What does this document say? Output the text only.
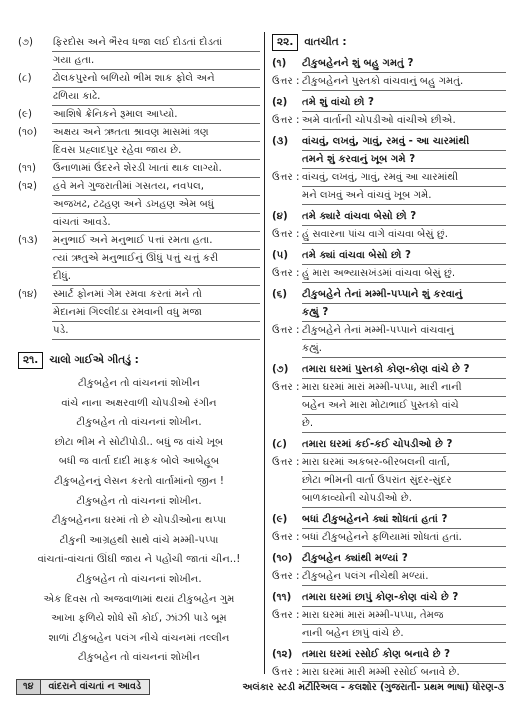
(૭)	ફિરદોસ અને ભૈરવ ધજા લઈ દોડતાં દોડતાં
ગયા હતા.
(૮)	ઢોલકપુરનો બળિયો ભીમ શાક ફોલે અને
ઢળિયા કાઢે.
(૯)	આશિષે ક્રેનિકને રૂમાલ આપ્યો.
(૧૦)	અક્ષય અને ઋતતા શ્રાવણ માસમાં ત્રણ
દિવસ પ્રહ્લાદપુર રહેવા જાય છે.
(૧૧)	ઉનાળામાં ઉંદરને શેરડી ખાતાં થાક લાગ્યો.
(૧૨)	હવે મને ગુજરાતીમાં ગસતય, નવપલ,
અજખઢ, ટઢહણ અને ડખહણ એમ બધું
વાંચતાં આવડે.
(૧૩)	મનુભાઈ અને મનુભાઈ પત્તાં રમતા હતા.
ત્યાં ઋતુએ મનુભાઈનું ઊંધું પત્તું ચત્તું કરી
દીધું.
(૧૪)	સ્માર્ટ ફોનમાં ગેમ રમવા કરતાં મને તો
મેદાનમાં ગિલ્લીદંડા રમવાની વધુ મજા
પડે.
૨૧.	ચાલો ગાઈએ ગીતડું :
ટીકુબહેન તો વાંચનનાં શોખીન
વાંચે નાના અક્ષરવાળી ચોપડીઓ રંગીન
ટીકુબહેન તો વાંચનનાં શોખીન.
છોટા ભીમ ને સોટીપોડી.. બધું જ વાંચે ખૂબ
બધી જ વાર્તા દાદી માફક બોલે આબેહૂબ
ટીકુબહેનનું લેસન કરતો વાર્તામાંનો જીન !
ટીકુબહેન તો વાંચનનાં શોખીન.
ટીકુબહેનના ઘરમાં તો છે ચોપડીઓના થપ્પા
ટીકુની આગ્રહથી સાથે વાંચે મમ્મી-પપ્પા
વાંચતાં-વાંચતાં ઊંઘી જાય ને પહોંચી જાતાં ચીન..!
ટીકુબહેન તો વાંચનનાં શોખીન.
એક દિવસ તો અજવાળામાં થયાં ટીકુબહેન ગુમ
આખા ફળિયે શોધે સૌ કોઈ, ઝાંઝી પાડે બૂમ
શાળાં ટીકુબહેન પલંગ નીચે વાંચનમાં તલ્લીન
ટીકુબહેન તો વાંચનનાં શોખીન
૨૨.	વાતચીત :
(૧)	ટીકુબહેનને શું બહુ ગમતું ?
ઉત્તર : ટીકુબહેનને પુસ્તકો વાંચવાનું બહુ ગમતું.
(૨)	તમે શું વાંચો છો ?
ઉત્તર : અમે વાર્તાની ચોપડીઓ વાંચીએ છીએ.
(૩)	વાંચવું, લખવું, ગાવું, રમવું - આ ચારમાંથી
તમને શું કરવાનું ખૂબ ગમે ?
ઉત્તર : વાંચવું, લખવું, ગાવું, રમવું આ ચારમાંથી
મને લખવું અને વાંચવું ખૂબ ગમે.
(૪)	તમે ક્યારે વાંચવા બેસો છો ?
ઉત્તર : હું સવારના પાંચ વાગે વાંચવા બેસું છું.
(૫)	તમે ક્યાં વાંચવા બેસો છો ?
ઉત્તર : હું મારા અભ્યાસખંડમાં વાંચવા બેસું છું.
(૬)	ટીકુબહેને તેનાં મમ્મી-પપ્પાને શું કરવાનું
કહ્યું ?
ઉત્તર : ટીકુબહેને તેનાં મમ્મી-પપ્પાને વાંચવાનું
કહ્યું.
(૭)	તમારા ઘરમાં પુસ્તકો કોણ-કોણ વાંચે છે ?
ઉત્તર : મારા ઘરમાં મારાં મમ્મી-પપ્પા, મારી નાની
બહેન અને મારા મોટાભાઈ પુસ્તકો વાંચે
છે.
(૮)	તમારા ઘરમાં કઈ-કઈ ચોપડીઓ છે ?
ઉત્તર : મારા ઘરમાં અકબર-બીરબલની વાર્તા,
છોટા ભીમની વાર્તા ઉપરાંત સુંદર-સુંદર
બાળકાવ્યોની ચોપડીઓ છે.
(૯)	બધાં ટીકુબહેનને ક્યાં શોધતાં હતાં ?
ઉત્તર : બધાં ટીકુબહેનને ફળિયામાં શોધતાં હતાં.
(૧૦) ટીકુબહેન ક્યાંથી મળ્યાં ?
ઉત્તર : ટીકુબહેન પલંગ નીચેથી મળ્યાં.
(૧૧)	તમારા ઘરમાં છાપું કોણ-કોણ વાંચે છે ?
ઉત્તર : મારા ઘરમાં મારાં મમ્મી-પપ્પા, તેમજ
નાની બહેન છાપું વાંચે છે.
(૧૨) તમારા ઘરમાં રસોઈ કોણ બનાવે છે ?
ઉત્તર : મારા ઘરમાં મારી મમ્મી રસોઈ બનાવે છે.
૧૪	વાંદરાને વાંચતાં ન આવડે	અલંકાર સ્ટડી મટીરિઅલ - કલશોર (ગુજરાતી- પ્રથમ ભાષા) ધોરણ-૩
